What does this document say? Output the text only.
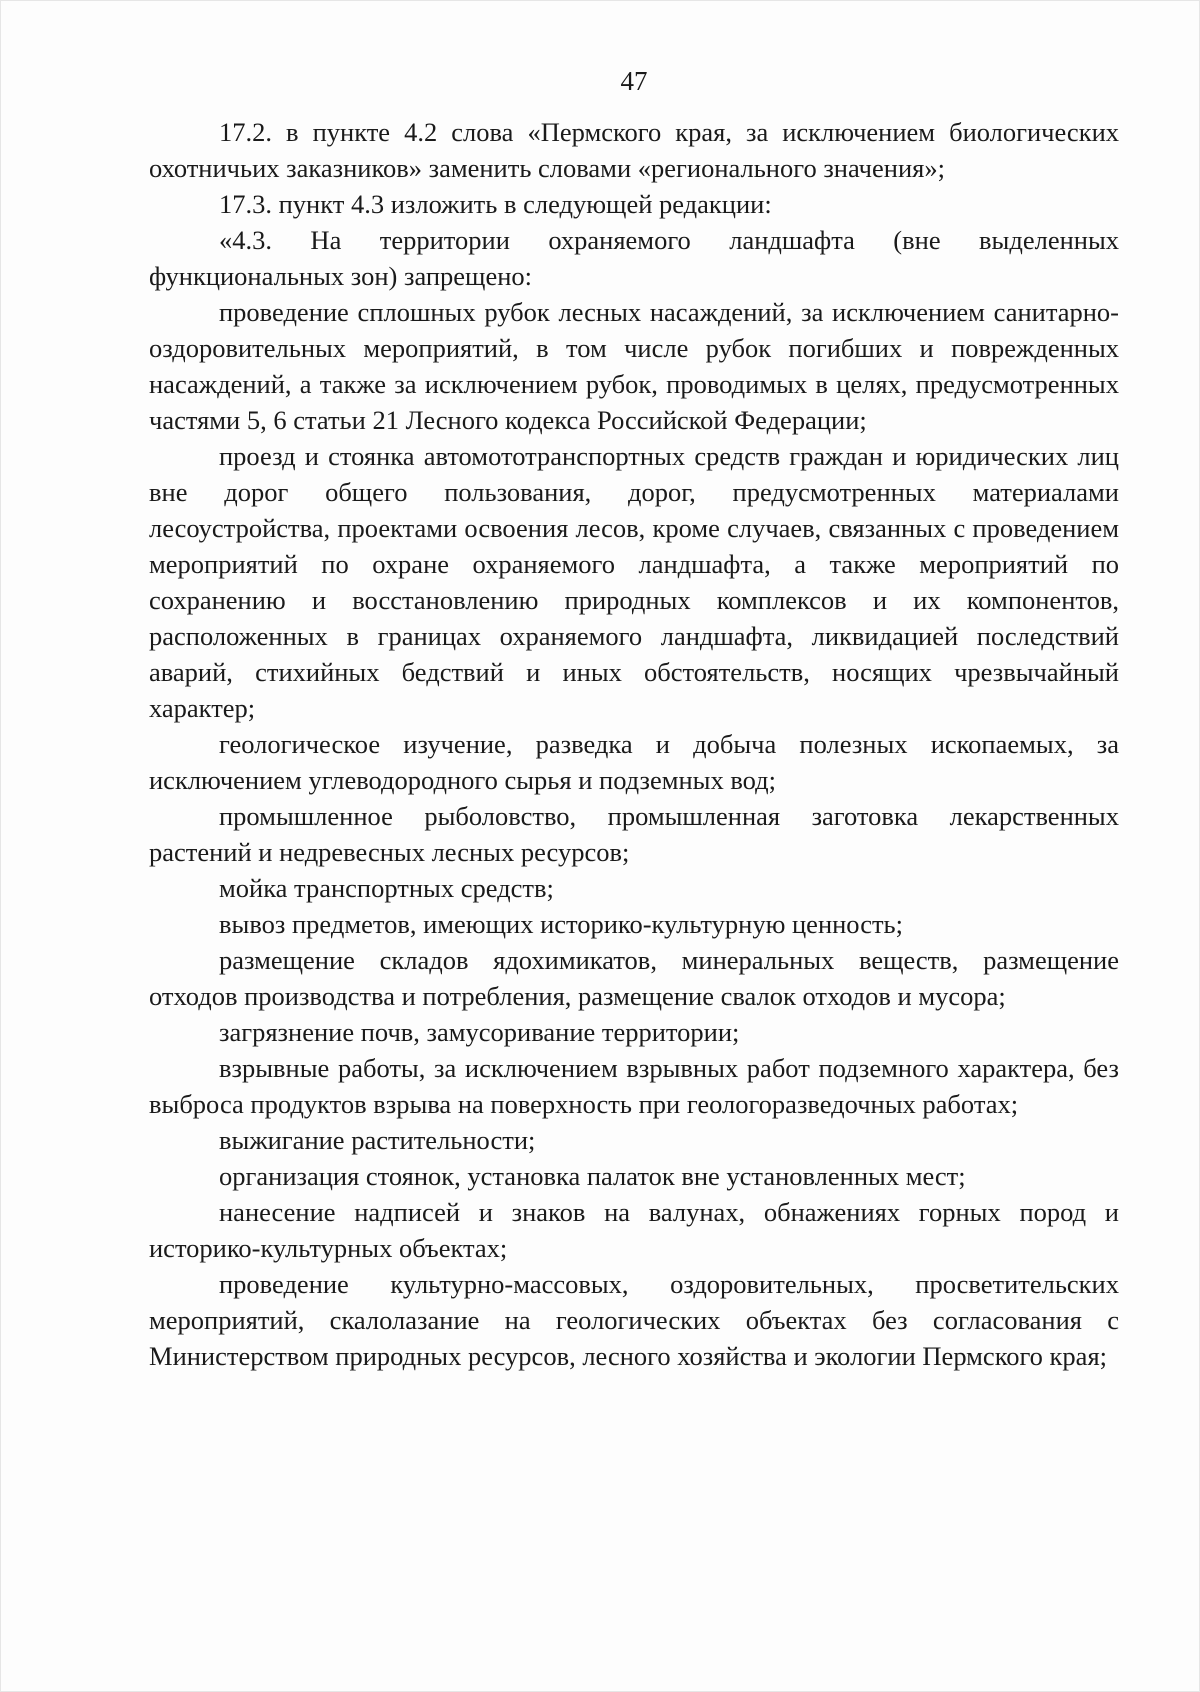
47

17.2. в пункте 4.2 слова «Пермского края, за исключением биологических охотничьих заказников» заменить словами «регионального значения»;

17.3. пункт 4.3 изложить в следующей редакции:

«4.3. На территории охраняемого ландшафта (вне выделенных функциональных зон) запрещено:

проведение сплошных рубок лесных насаждений, за исключением санитарно-оздоровительных мероприятий, в том числе рубок погибших и поврежденных насаждений, а также за исключением рубок, проводимых в целях, предусмотренных частями 5, 6 статьи 21 Лесного кодекса Российской Федерации;

проезд и стоянка автомототранспортных средств граждан и юридических лиц вне дорог общего пользования, дорог, предусмотренных материалами лесоустройства, проектами освоения лесов, кроме случаев, связанных с проведением мероприятий по охране охраняемого ландшафта, а также мероприятий по сохранению и восстановлению природных комплексов и их компонентов, расположенных в границах охраняемого ландшафта, ликвидацией последствий аварий, стихийных бедствий и иных обстоятельств, носящих чрезвычайный характер;

геологическое изучение, разведка и добыча полезных ископаемых, за исключением углеводородного сырья и подземных вод;

промышленное рыболовство, промышленная заготовка лекарственных растений и недревесных лесных ресурсов;

мойка транспортных средств;

вывоз предметов, имеющих историко-культурную ценность;

размещение складов ядохимикатов, минеральных веществ, размещение отходов производства и потребления, размещение свалок отходов и мусора;

загрязнение почв, замусоривание территории;

взрывные работы, за исключением взрывных работ подземного характера, без выброса продуктов взрыва на поверхность при геологоразведочных работах;

выжигание растительности;

организация стоянок, установка палаток вне установленных мест;

нанесение надписей и знаков на валунах, обнажениях горных пород и историко-культурных объектах;

проведение культурно-массовых, оздоровительных, просветительских мероприятий, скалолазание на геологических объектах без согласования с Министерством природных ресурсов, лесного хозяйства и экологии Пермского края;
